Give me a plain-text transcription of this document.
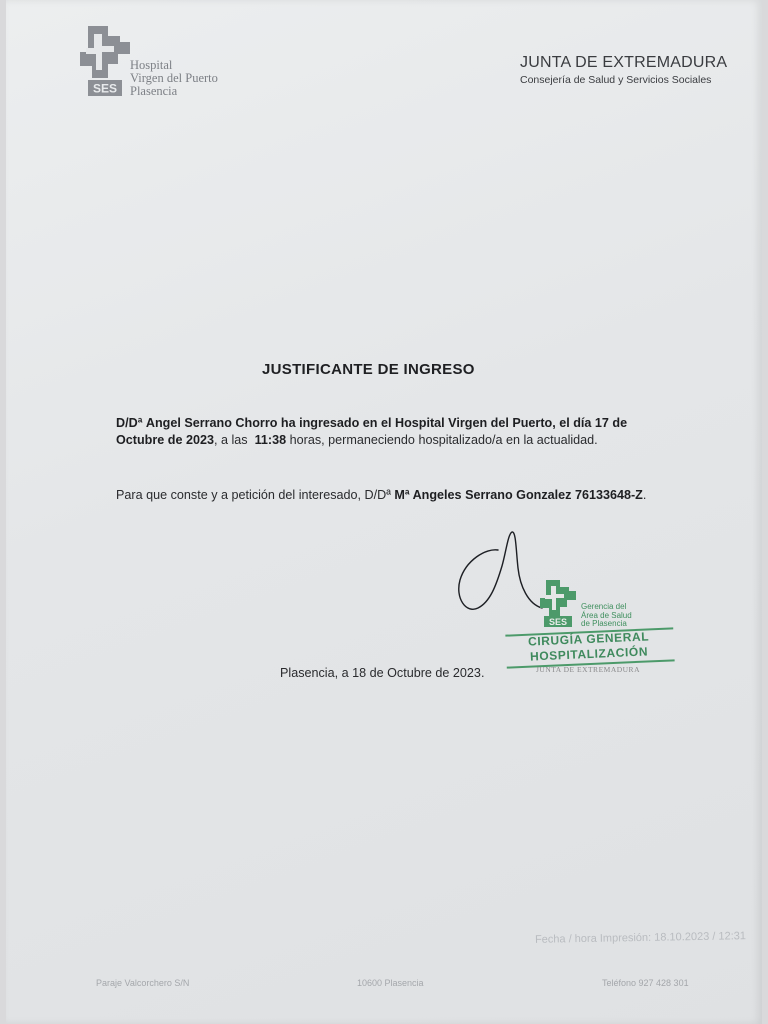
SES
Hospital
Virgen del Puerto
Plasencia
JUNTA DE EXTREMADURA
Consejería de Salud y Servicios Sociales
JUSTIFICANTE DE INGRESO
D/Dª Angel Serrano Chorro ha ingresado en el Hospital Virgen del Puerto, el día 17 de Octubre de 2023, a las 11:38 horas, permaneciendo hospitalizado/a en la actualidad.
Para que conste y a petición del interesado, D/Dª Mª Angeles Serrano Gonzalez 76133648-Z.
SES
Gerencia del
Área de Salud
de Plasencia
CIRUGÍA GENERAL
HOSPITALIZACIÓN
JUNTA DE EXTREMADURA
Plasencia, a 18 de Octubre de 2023.
Fecha / hora Impresión: 18.10.2023 / 12:31
Paraje Valcorchero S/N	10600 Plasencia	Teléfono 927 428 301
